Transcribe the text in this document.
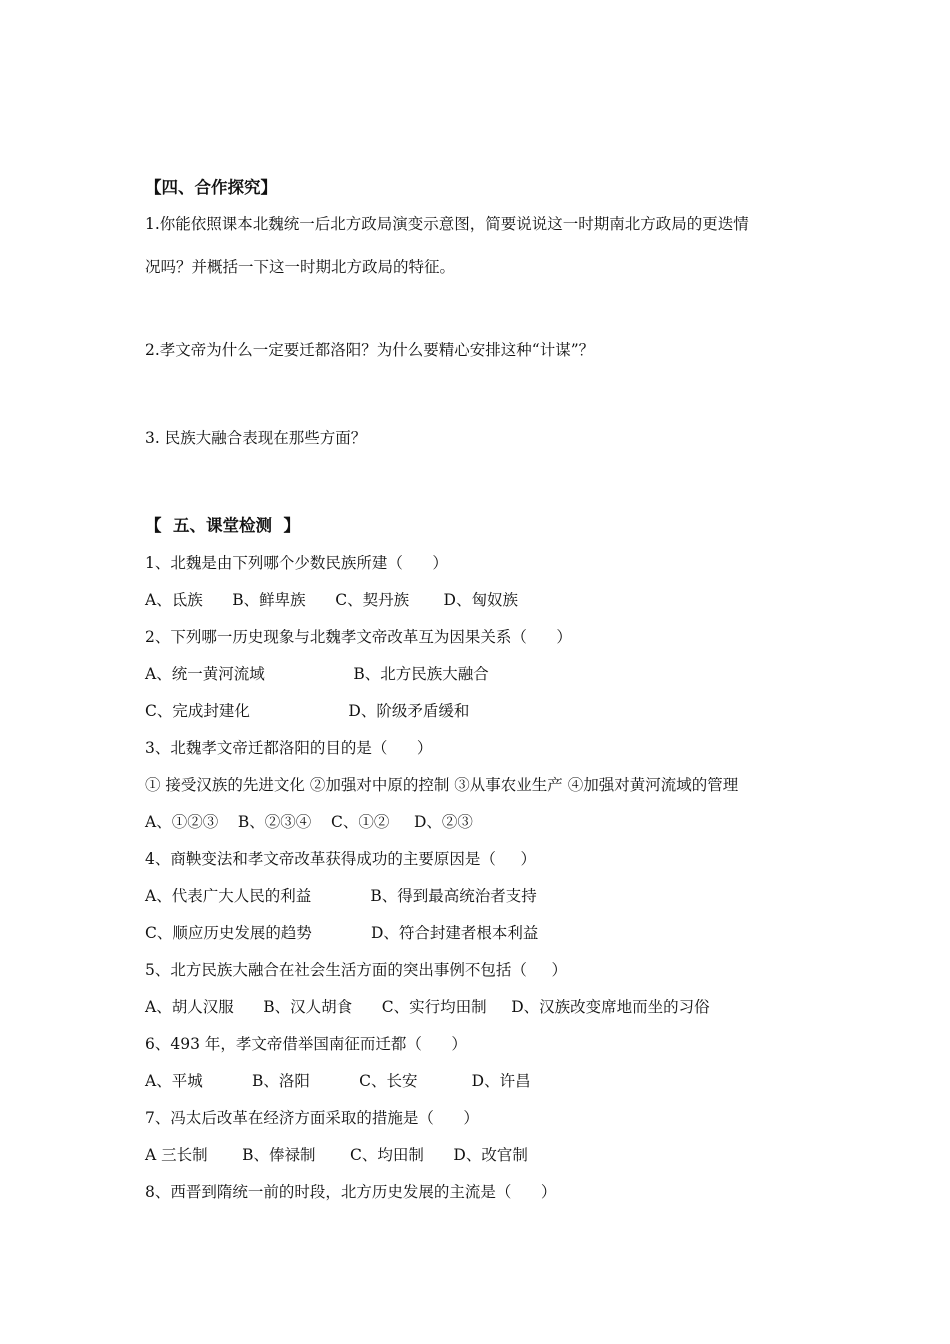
【四、合作探究】
1.你能依照课本北魏统一后北方政局演变示意图，简要说说这一时期南北方政局的更迭情
况吗？并概括一下这一时期北方政局的特征。
2.孝文帝为什么一定要迁都洛阳？为什么要精心安排这种“计谋”？
3. 民族大融合表现在那些方面？
【  五、课堂检测  】
1、北魏是由下列哪个少数民族所建（      ）
A、氐族      B、鲜卑族      C、契丹族       D、匈奴族
2、下列哪一历史现象与北魏孝文帝改革互为因果关系（      ）
A、统一黄河流域                  B、北方民族大融合
C、完成封建化                    D、阶级矛盾缓和
3、北魏孝文帝迁都洛阳的目的是（      ）
① 接受汉族的先进文化 ②加强对中原的控制 ③从事农业生产 ④加强对黄河流域的管理
A、①②③    B、②③④    C、①②     D、②③
4、商鞅变法和孝文帝改革获得成功的主要原因是（     ）
A、代表广大人民的利益            B、得到最高统治者支持
C、顺应历史发展的趋势            D、符合封建者根本利益
5、北方民族大融合在社会生活方面的突出事例不包括（     ）
A、胡人汉服      B、汉人胡食      C、实行均田制     D、汉族改变席地而坐的习俗
6、493 年，孝文帝借举国南征而迁都（      ）
A、平城          B、洛阳          C、长安           D、许昌
7、冯太后改革在经济方面采取的措施是（      ）
A 三长制       B、俸禄制       C、均田制      D、改官制
8、西晋到隋统一前的时段，北方历史发展的主流是（      ）
